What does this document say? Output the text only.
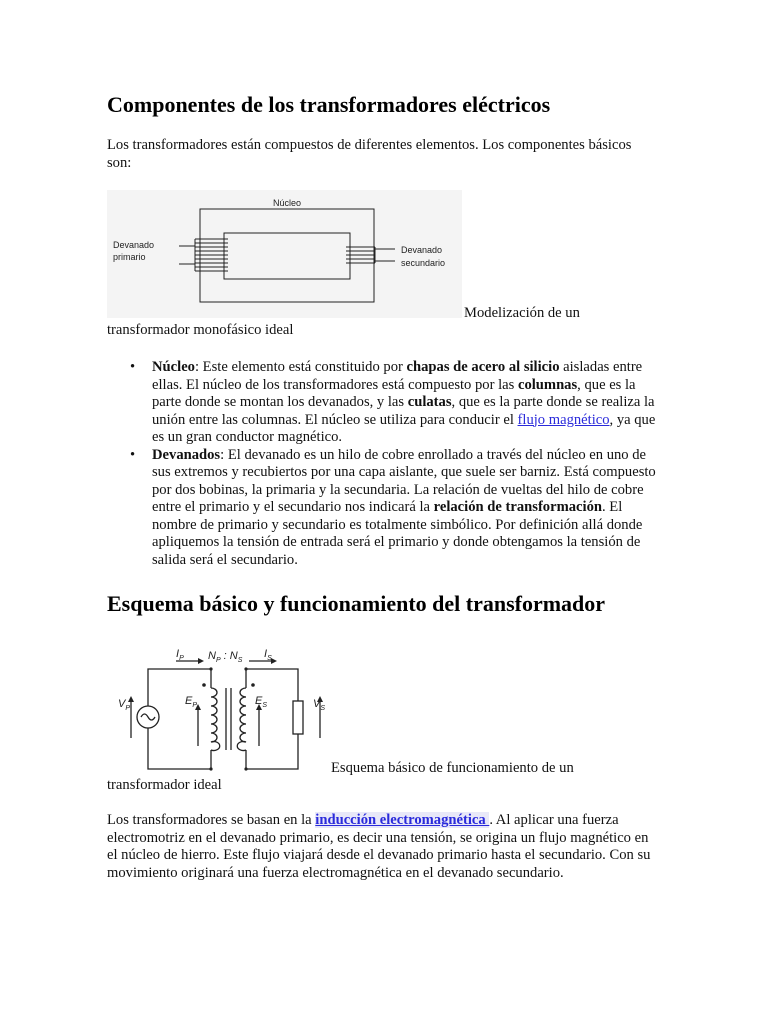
Componentes de los transformadores eléctricos

Los transformadores están compuestos de diferentes elementos. Los componentes básicos
son:

Núcleo
Devanado
primario
Devanado
secundario
Modelización de un
transformador monofásico ideal
• Núcleo: Este elemento está constituido por chapas de acero al silicio aisladas entre ellas. El núcleo de los transformadores está compuesto por las columnas, que es la parte donde se montan los devanados, y las culatas, que es la parte donde se realiza la unión entre las columnas. El núcleo se utiliza para conducir el flujo magnético, ya que es un gran conductor magnético.
• Devanados: El devanado es un hilo de cobre enrollado a través del núcleo en uno de sus extremos y recubiertos por una capa aislante, que suele ser barniz. Está compuesto por dos bobinas, la primaria y la secundaria. La relación de vueltas del hilo de cobre entre el primario y el secundario nos indicará la relación de transformación. El nombre de primario y secundario es totalmente simbólico. Por definición allá donde apliquemos la tensión de entrada será el primario y donde obtengamos la tensión de salida será el secundario.
Esquema básico y funcionamiento del transformador
$I_P$ $N_P$ : $N_S$
$I_S$
$V_P$
$E_P$	$E_S$	$V_S$
Esquema básico de funcionamiento de un
transformador ideal

Los transformadores se basan en la inducción electromagnética . Al aplicar una fuerza electromotriz en el devanado primario, es decir una tensión, se origina un flujo magnético en el núcleo de hierro. Este flujo viajará desde el devanado primario hasta el secundario. Con su movimiento originará una fuerza electromagnética en el devanado secundario.
